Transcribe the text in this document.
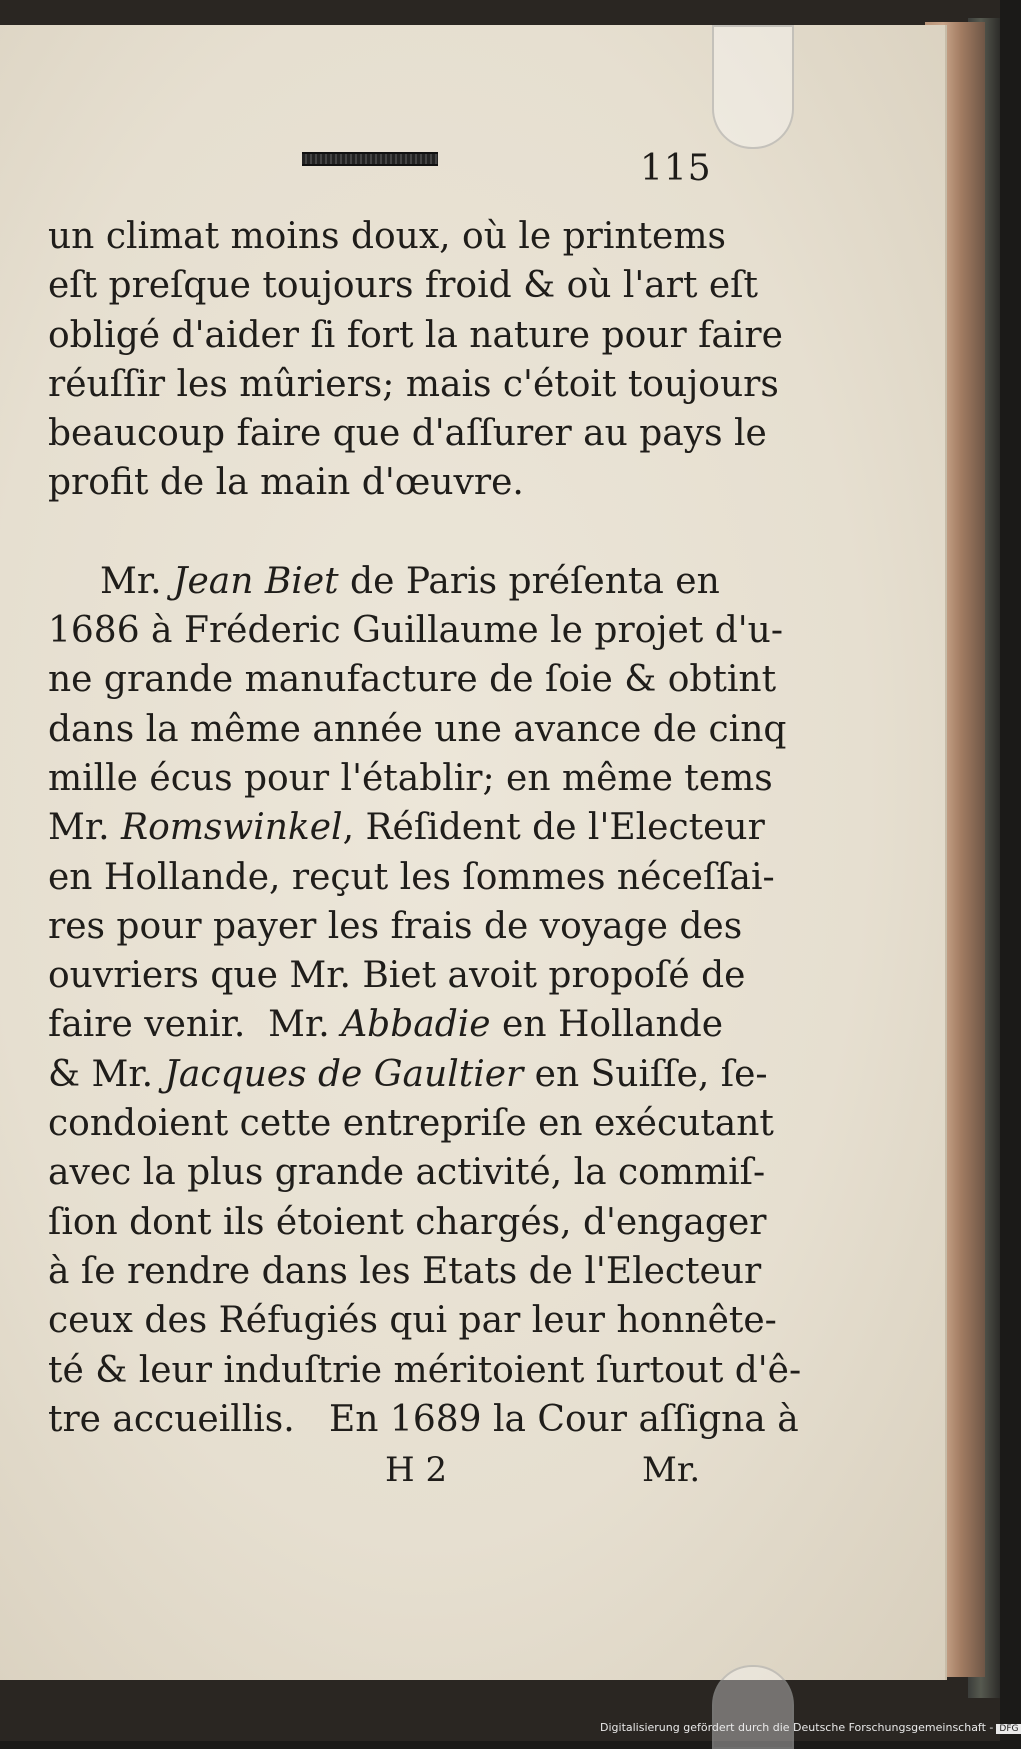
115
un climat moins doux, où le printems
eſt preſque toujours froid & où l'art eſt
obligé d'aider ſi fort la nature pour faire
réuſſir les mûriers; mais c'étoit toujours
beaucoup faire que d'aſſurer au pays le
profit de la main d'œuvre.
Mr. Jean Biet de Paris préſenta en
1686 à Fréderic Guillaume le projet d'u-
ne grande manufacture de ſoie & obtint
dans la même année une avance de cinq
mille écus pour l'établir; en même tems
Mr. Romswinkel, Réſident de l'Electeur
en Hollande, reçut les ſommes néceſſai-
res pour payer les frais de voyage des
ouvriers que Mr. Biet avoit propoſé de
faire venir.  Mr. Abbadie en Hollande
& Mr. Jacques de Gaultier en Suiſſe, ſe-
condoient cette entrepriſe en exécutant
avec la plus grande activité, la commiſ-
ſion dont ils étoient chargés, d'engager
à ſe rendre dans les Etats de l'Electeur
ceux des Réfugiés qui par leur honnête-
té & leur induſtrie méritoient ſurtout d'ê-
tre accueillis.   En 1689 la Cour aſſigna à
H 2	Mr.
Digitalisierung gefördert durch die Deutsche Forschungsgemeinschaft - DFG
